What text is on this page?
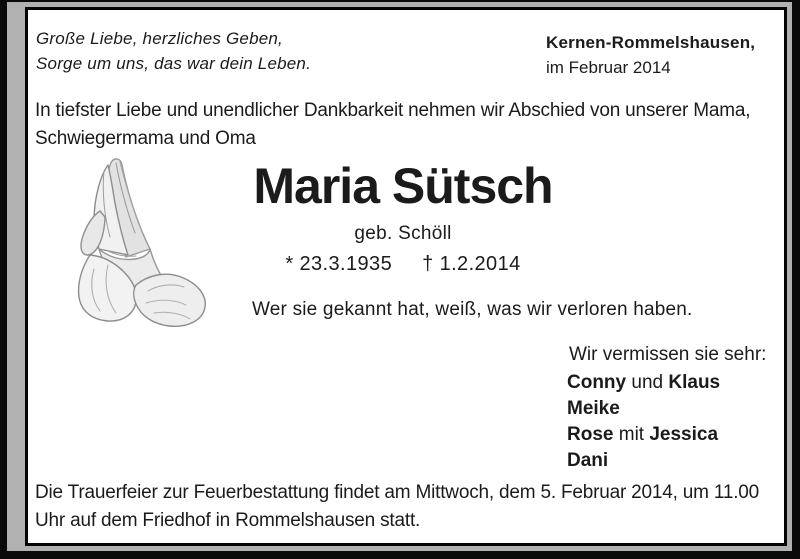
Große Liebe, herzliches Geben,
Sorge um uns, das war dein Leben.
Kernen-Rommelshausen,
im Februar 2014
In tiefster Liebe und unendlicher Dankbarkeit nehmen wir Abschied von unserer Mama, Schwiegermama und Oma
Maria Sütsch
geb. Schöll
* 23.3.1935 † 1.2.2014
Wer sie gekannt hat, weiß, was wir verloren haben.
Wir vermissen sie sehr:
Conny und Klaus
Meike
Rose mit Jessica
Dani
Die Trauerfeier zur Feuerbestattung findet am Mittwoch, dem 5. Februar 2014, um 11.00 Uhr auf dem Friedhof in Rommelshausen statt.
